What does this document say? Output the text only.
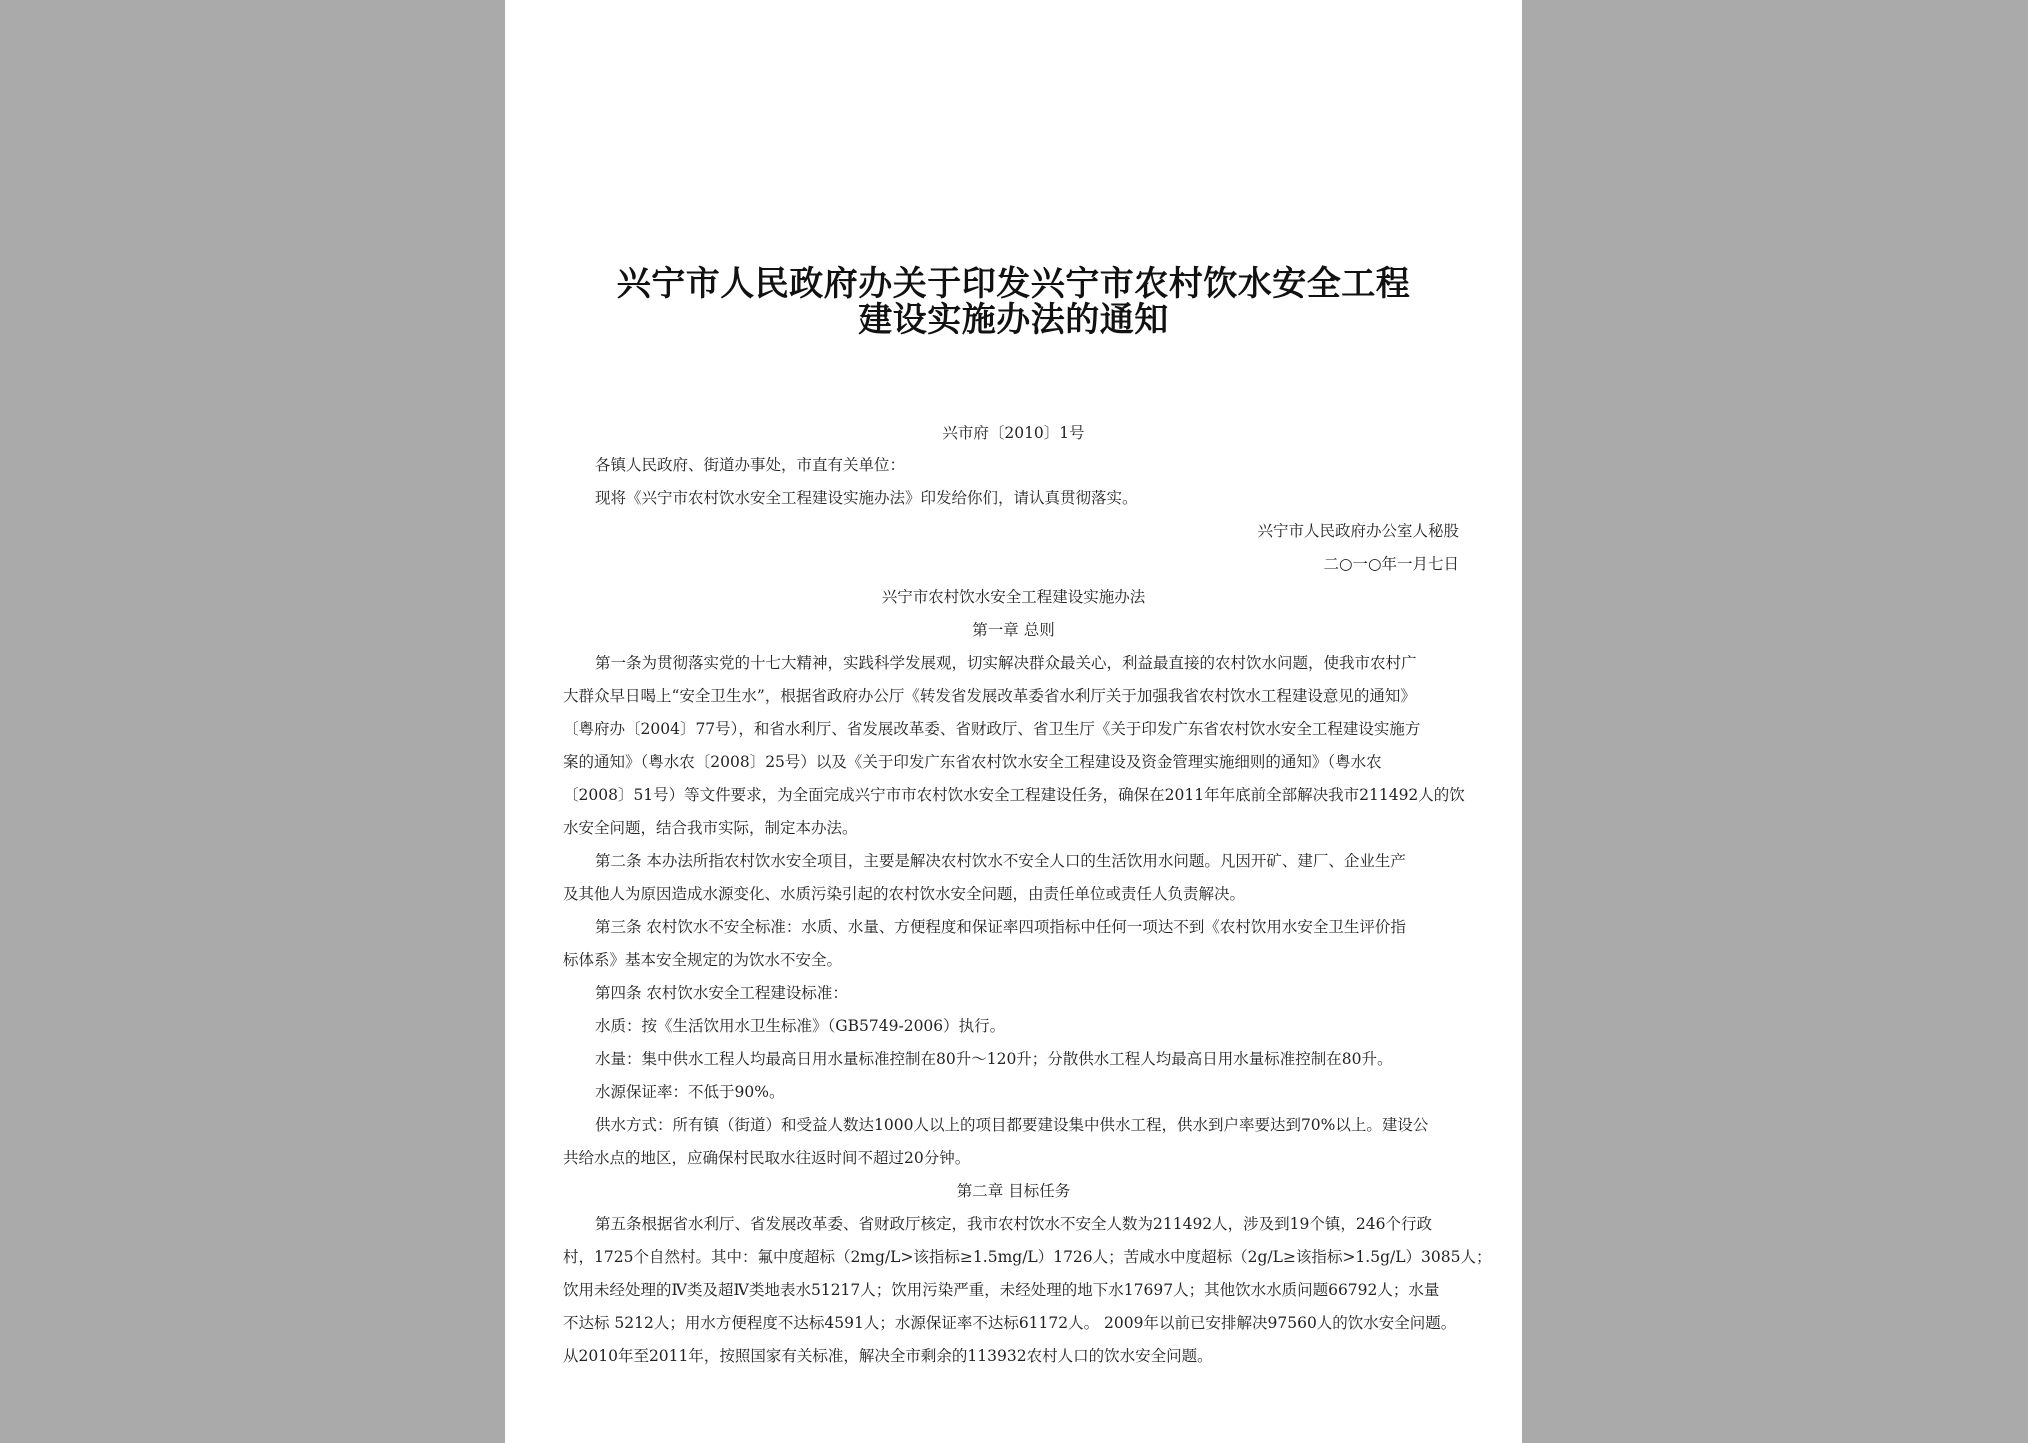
兴宁市人民政府办关于印发兴宁市农村饮水安全工程
建设实施办法的通知
兴市府〔2010〕1号
各镇人民政府、街道办事处，市直有关单位：
现将《兴宁市农村饮水安全工程建设实施办法》印发给你们，请认真贯彻落实。
兴宁市人民政府办公室人秘股
二○一○年一月七日
兴宁市农村饮水安全工程建设实施办法
第一章 总则
第一条为贯彻落实党的十七大精神，实践科学发展观，切实解决群众最关心，利益最直接的农村饮水问题，使我市农村广
大群众早日喝上“安全卫生水”，根据省政府办公厅《转发省发展改革委省水利厅关于加强我省农村饮水工程建设意见的通知》
〔粤府办〔2004〕77号），和省水利厅、省发展改革委、省财政厅、省卫生厅《关于印发广东省农村饮水安全工程建设实施方
案的通知》（粤水农〔2008〕25号）以及《关于印发广东省农村饮水安全工程建设及资金管理实施细则的通知》（粤水农
〔2008〕51号）等文件要求，为全面完成兴宁市市农村饮水安全工程建设任务，确保在2011年年底前全部解决我市211492人的饮
水安全问题，结合我市实际，制定本办法。
第二条 本办法所指农村饮水安全项目，主要是解决农村饮水不安全人口的生活饮用水问题。凡因开矿、建厂、企业生产
及其他人为原因造成水源变化、水质污染引起的农村饮水安全问题，由责任单位或责任人负责解决。
第三条 农村饮水不安全标准：水质、水量、方便程度和保证率四项指标中任何一项达不到《农村饮用水安全卫生评价指
标体系》基本安全规定的为饮水不安全。
第四条 农村饮水安全工程建设标准：
水质：按《生活饮用水卫生标准》（GB5749-2006）执行。
水量：集中供水工程人均最高日用水量标准控制在80升～120升；分散供水工程人均最高日用水量标准控制在80升。
水源保证率：不低于90%。
供水方式：所有镇（街道）和受益人数达1000人以上的项目都要建设集中供水工程，供水到户率要达到70%以上。建设公
共给水点的地区，应确保村民取水往返时间不超过20分钟。
第二章 目标任务
第五条根据省水利厅、省发展改革委、省财政厅核定，我市农村饮水不安全人数为211492人，涉及到19个镇，246个行政
村，1725个自然村。其中：氟中度超标（2mg/L>该指标≥1.5mg/L）1726人；苦咸水中度超标（2g/L≥该指标>1.5g/L）3085人；
饮用未经处理的Ⅳ类及超Ⅳ类地表水51217人；饮用污染严重，未经处理的地下水17697人；其他饮水水质问题66792人；水量
不达标 5212人；用水方便程度不达标4591人；水源保证率不达标61172人。 2009年以前已安排解决97560人的饮水安全问题。
从2010年至2011年，按照国家有关标准，解决全市剩余的113932农村人口的饮水安全问题。
